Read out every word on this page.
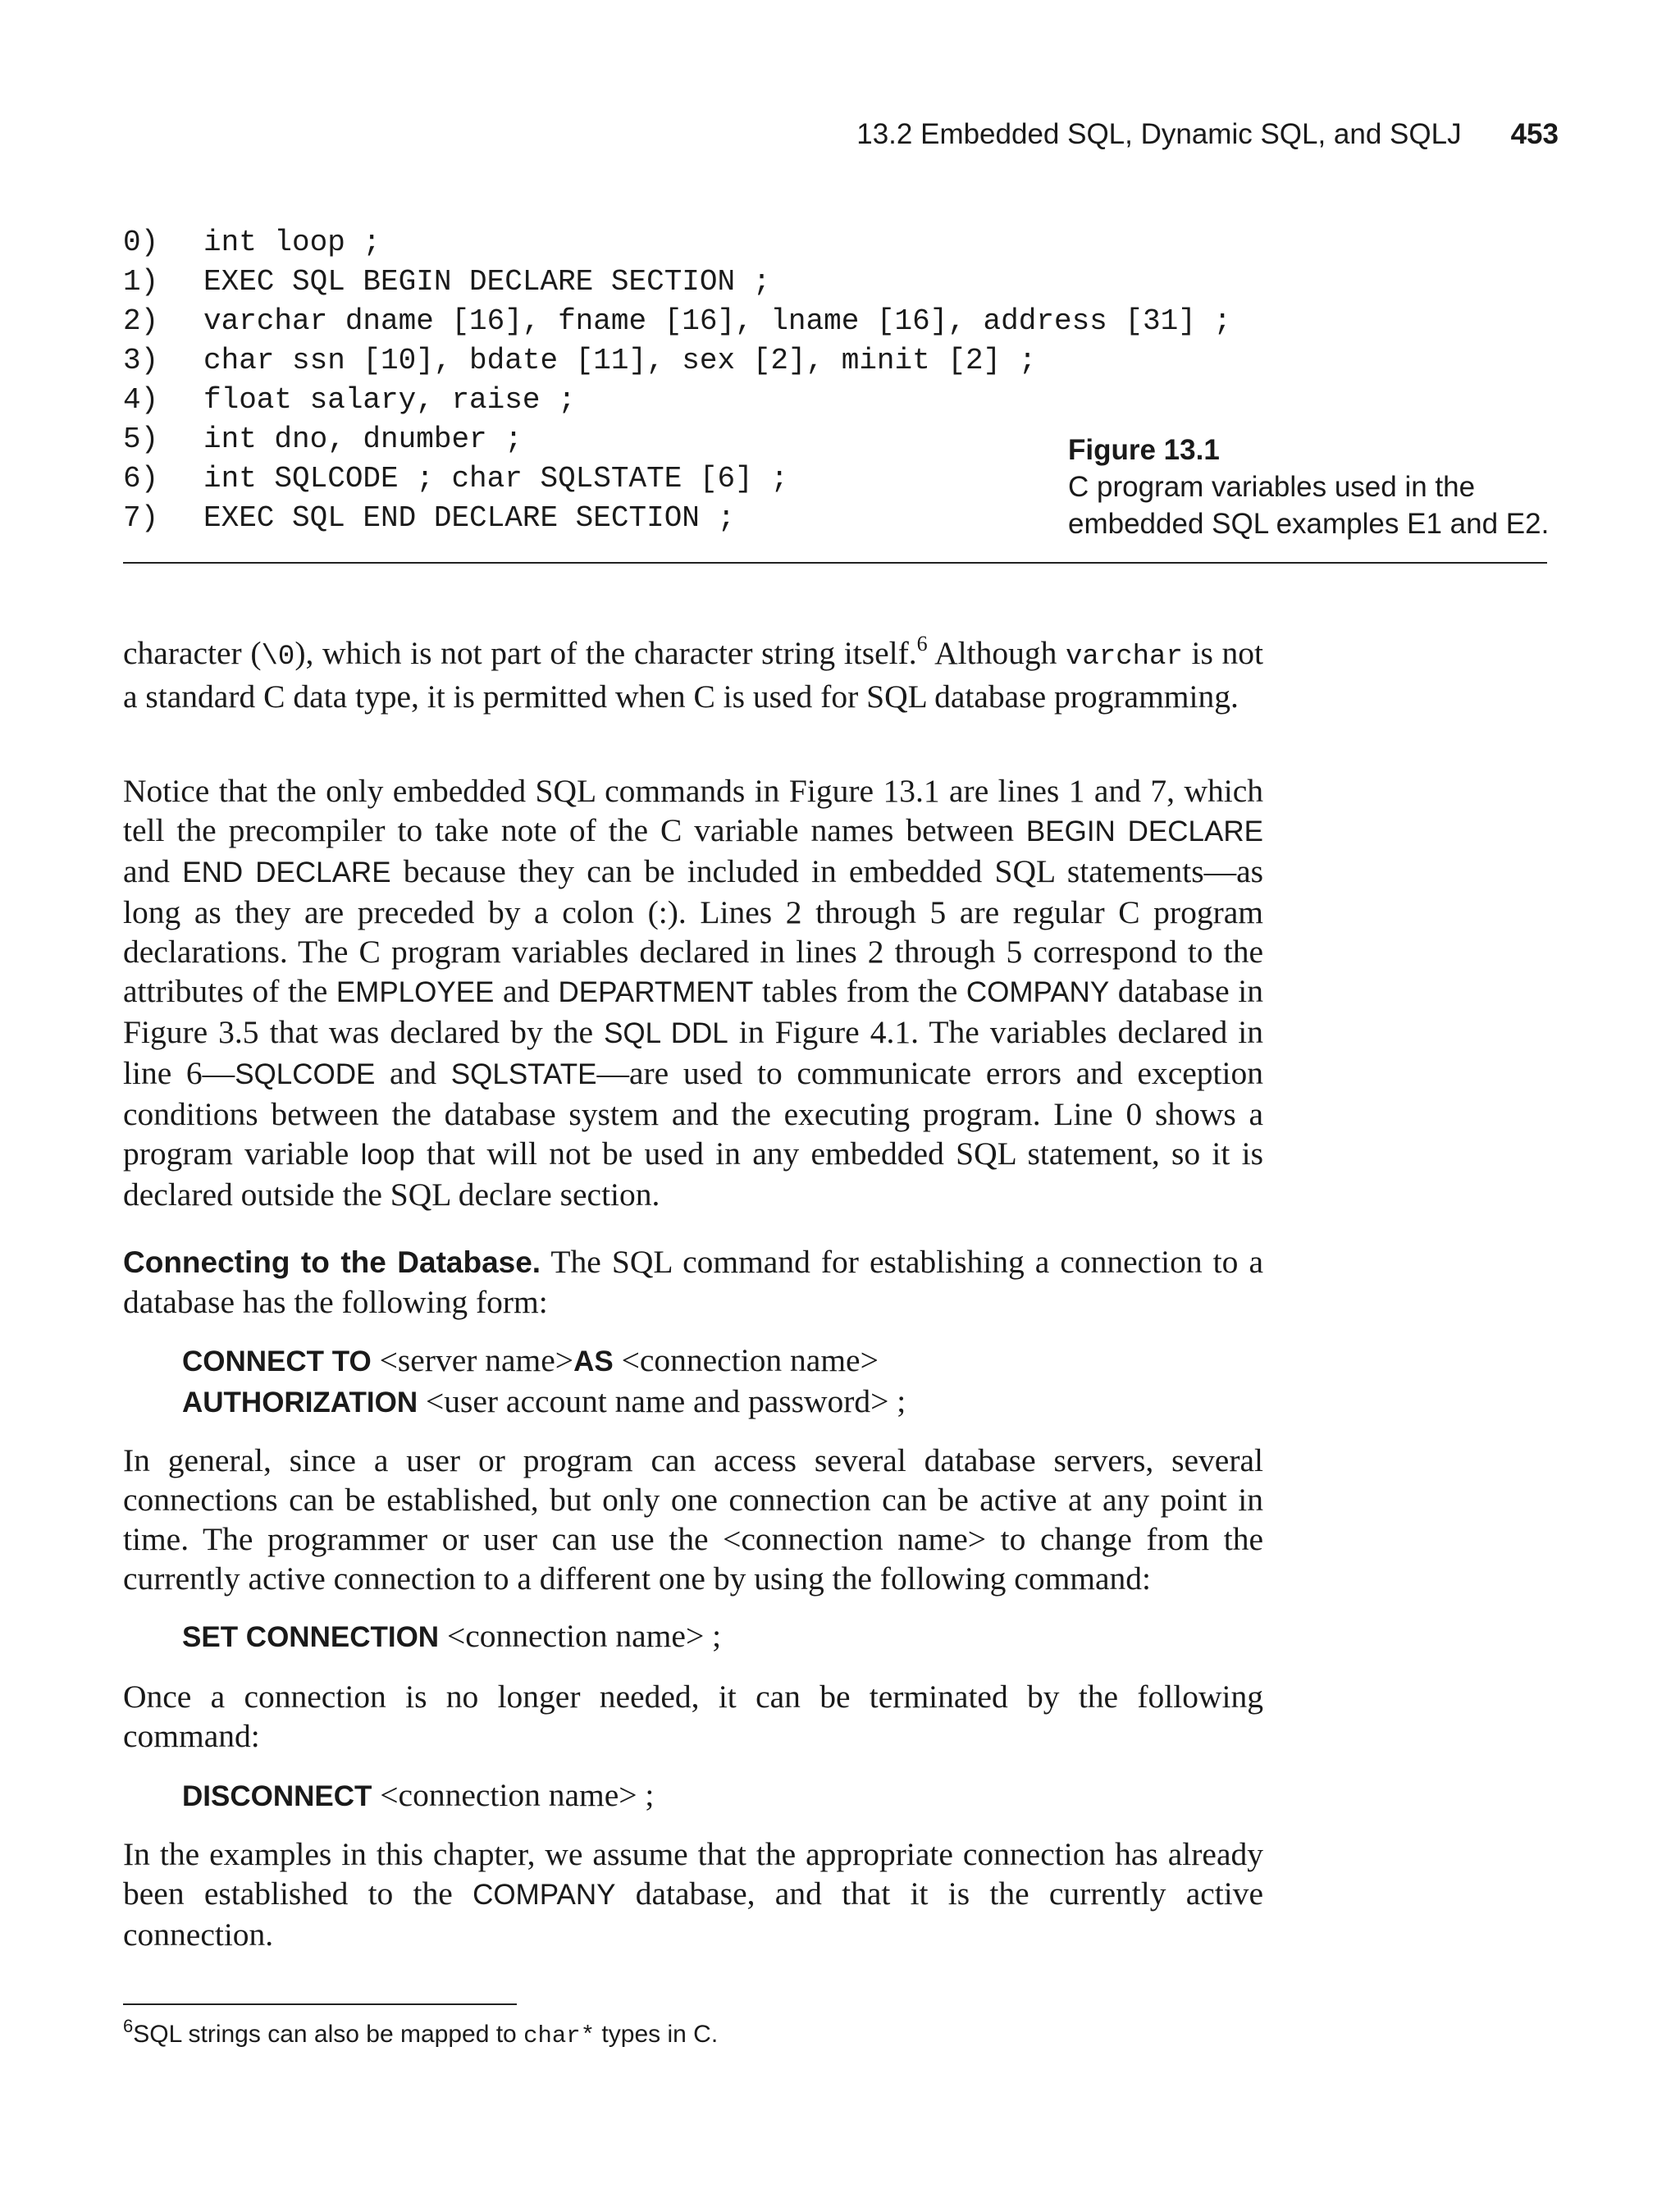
13.2 Embedded SQL, Dynamic SQL, and SQLJ 453
0) int loop ;
1) EXEC SQL BEGIN DECLARE SECTION ;
2) varchar dname [16], fname [16], lname [16], address [31] ;
3) char ssn [10], bdate [11], sex [2], minit [2] ;
4) float salary, raise ;
5) int dno, dnumber ;
6) int SQLCODE ; char SQLSTATE [6] ;
7) EXEC SQL END DECLARE SECTION ;
Figure 13.1
C program variables used in the
embedded SQL examples E1 and E2.

character (\0), which is not part of the character string itself.$^6$ Although varchar is not a standard C data type, it is permitted when C is used for SQL database programming.

Notice that the only embedded SQL commands in Figure 13.1 are lines 1 and 7, which tell the precompiler to take note of the C variable names between BEGIN DECLARE and END DECLARE because they can be included in embedded SQL statements—as long as they are preceded by a colon (:). Lines 2 through 5 are regular C program declarations. The C program variables declared in lines 2 through 5 correspond to the attributes of the EMPLOYEE and DEPARTMENT tables from the COMPANY database in Figure 3.5 that was declared by the SQL DDL in Figure 4.1. The variables declared in line 6—SQLCODE and SQLSTATE—are used to communicate errors and exception conditions between the database system and the executing program. Line 0 shows a program variable loop that will not be used in any embedded SQL statement, so it is declared outside the SQL declare section.

Connecting to the Database. The SQL command for establishing a connection to a database has the following form:

CONNECT TO <server name>AS <connection name>
AUTHORIZATION <user account name and password> ;

In general, since a user or program can access several database servers, several connections can be established, but only one connection can be active at any point in time. The programmer or user can use the <connection name> to change from the currently active connection to a different one by using the following command:

SET CONNECTION <connection name> ;

Once a connection is no longer needed, it can be terminated by the following command:

DISCONNECT <connection name> ;

In the examples in this chapter, we assume that the appropriate connection has already been established to the COMPANY database, and that it is the currently active connection.

$^6$SQL strings can also be mapped to char* types in C.
